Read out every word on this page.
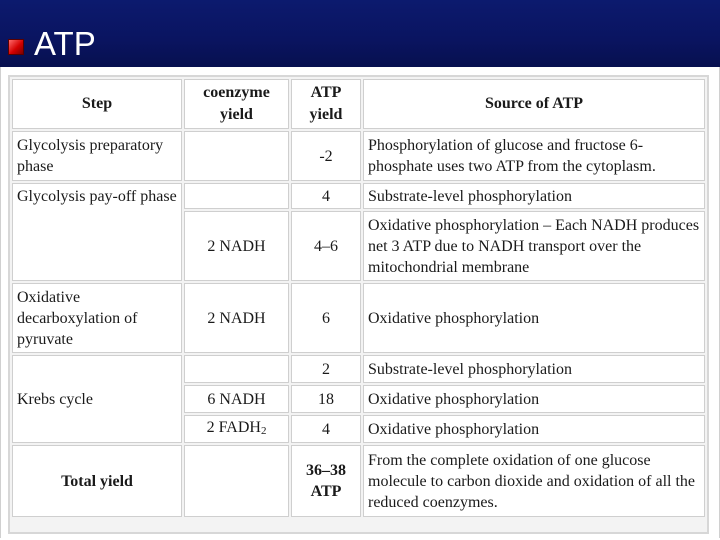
ATP
Step	coenzyme yield	ATP yield	Source of ATP
Glycolysis preparatory phase		-2	Phosphorylation of glucose and fructose 6-phosphate uses two ATP from the cytoplasm.
Glycolysis pay-off phase		4	Substrate-level phosphorylation
	2 NADH	4–6	Oxidative phosphorylation – Each NADH produces net 3 ATP due to NADH transport over the mitochondrial membrane
Oxidative decarboxylation of pyruvate	2 NADH	6	Oxidative phosphorylation
Krebs cycle		2	Substrate-level phosphorylation
	6 NADH	18	Oxidative phosphorylation
	2 $FADH_2$	4	Oxidative phosphorylation
Total yield		36–38 ATP	From the complete oxidation of one glucose molecule to carbon dioxide and oxidation of all the reduced coenzymes.
